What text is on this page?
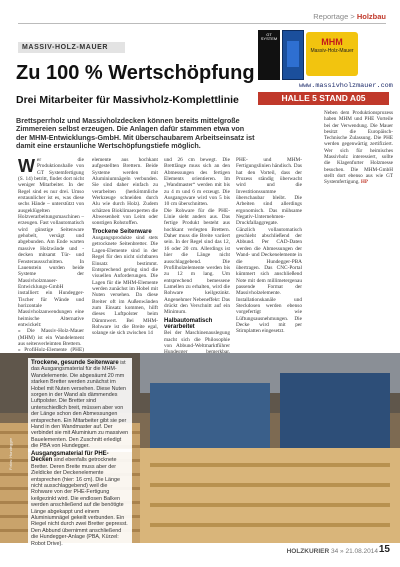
Reportage > Holzbau
MASSIV-HOLZ-MAUER
GT SYSTEM	MHM
Massiv-Holz-Mauer
www.massivholzmauer.com
HALLE 5 STAND A05
Zu 100 % Wertschöpfung
Drei Mitarbeiter für Massivholz-Komplettlinie
Brettsperrholz und Massivholzdecken können bereits mittelgroße Zimmereien selbst erzeugen. Die Anlagen dafür stammen etwa von der MHM-Entwicklungs-GmbH. Mit überschaubarem Arbeitseinsatz ist damit eine erstaunliche Wertschöpfungstiefe möglich.
W er die Produktionshalle von GT Systemfertigung (S. 14) betritt, findet dort nicht weniger Mitarbeiter. In der Regel sind es nur drei. Umso erstaunlicher ist es, was diese sechs Hände – unterstützt von ausgeklügelten Holzverarbeitungsmaschinen – erzeugen. Fast vollautomatisch wird günstige Seitenware gehobelt, versägt und abgebunden. Am Ende warten massive Holzwände und -decken mitsamt Tür- und Fensteraussschnitten. In Lauenstein wurden beide Systeme der Massivholzmauer-Entwicklungs-GmbH installiert: ein Hundegger-Tischer für Wände und horizontale Massivholzanwendungen eine heimische Alternative entwickelt:

» Die Massiv-Holz-Mauer (MHM) ist ein Wandelement aus seitenverleimten Brettern.

» ProfiHolz-Elemente (PHE)

elemente aus hochkant aufgestellten Brettern. Beide Systeme werden mit Aluminiumnägeln verbunden. Sie sind daher einfach zu verarbeiten (herkömmliche Werkzeuge schneiden durch Alu wie durch Holz). Zudem schätzen Bioklimaexperten die Abwesenheit von Leim oder sonstigen Rohstoffen.

Trockene Seitenware

Ausgangsprodukte sind stets getrocknete Seitenbretter. Die Lagen-Elemente sind in der Regel für den nicht sichtbaren Einsatz bestimmt. Entsprechend gering sind die visuellen Anforderungen. Die Lagen für die MHM-Elemente werden zunächst im Hobel mit Nuten versehen. Da diese Breiter oft im Außenwänden zum Einsatz kommen, hilft dieses Luftpolster beim Dämmwert. Bei MHM-Rohware ist die Breite egal, solange sie sich zwischen 14

und 26 cm bewegt. Die Brettlänge muss sich an den Abmessungen des fertigen Elements orientieren. Im „Wandmaster“ werden mit bis zu 4 m und 6 m erzeugt. Die Ausgangsware wird von 5 bis 10 cm überschnitten.

Die Rohware für die PHE-Linie sieht anders aus. Das fertige Produkt besteht aus hochkant verlegten Brettern. Daher muss die Breite variiert sein. In der Regel sind das 12, 16 oder 20 cm. Allerdings ist hier die Länge nicht ausschlaggebend. Die Profilholzelemente werden bis zu 12 m lang. Um entsprechend bemessene Lamellen zu erhalten, wird die Rohware keilgezinkt. Angenehmer Nebeneffekt: Das drückt den Verschnitt auf ein Minimum.

Halbautomatisch verarbeitet

Bei der Maschinenauslegung macht sich die Philosophie von Abbund-Weltmarktführer

PHE- und MHM-Fertigungslinien händisch. Das hat den Vorteil, dass der Prozess ständig überwacht wird und die Investitionssumme überschaubar bleibt. Die Arbeiten sind allerdings ergonomisch. Das mühsame Negativ-Unternehmen-Druckfallaggregate.

Gänzlich vollautomatisch geschieht abschließend der Abbund. Per CAD-Daten werden die Abmessungen der Wand- und Deckenelemente in die Hundegger-PBA übertragen. Das CNC-Portal kümmert sich anschließend Note mit dem millimetergenau passende Format der Massivholzelemente. Installationskanäle und Steckdosen werden ebenso vorgefertigt wie Lüftungsausnehmungen. Die Decke wird mit per Stirnplatten eingesetzt.

Neben dem Produktionsprozess haben MHM und PHE Vorteile bei der Verwendung. Die Mauer besitzt die Europäisch-Technische Zulassung. Die PHE werden gegenwärtig zertifiziert. Wer sich für heimisches Massivholz interessiert, sollte die Klagenfurter Holzmesse besuchen. Die MHM-GmbH stellt dort ebenso aus wie GT Systemfertigung. HP

Trockene, gesunde Seitenware ist das Ausgangsmaterial für die MHM-Wandelemente. Die abgesäumt 20 mm starken Bretter werden zunächst im Hobel mit Nuten versehen. Diese Nuten sorgen in der Wand als dämmendes Luftpolster. Die Bretter sind unterschiedlich breit, müssen aber von der Länge schon den Abmessungen entsprechen. Ein Mitarbeiter gibt sie per Hand in den Wandmaster auf. Der verbindet sie mit Aluminium zu massiven Bauelementen. Den Zuschnitt erledigt die PBA von Hundegger.
Ausgangsmaterial für PHE-Decken sind ebenfalls getrocknete Bretter. Deren Breite muss aber der Zieldicke der Deckenelemente entsprechen (hier: 16 cm). Die Länge nicht ausschlaggebend) weil die Rohware von der PHE-Fertigung keilgezinkt wird. Die endlosen Balken werden anschließend auf die benötigte Länge abgekappt und einem Aluminiumnägel gekeilt verbunden. Ein Riegel nicht durch zwei Bretter gepresst. Den Abbund übernimmt anschließend die Hundegger-Anlage (PBA, Kürzel: Robot Drive).
Fotos: Hundegger
HOLZKURIER 34 » 21.08.2014 15
